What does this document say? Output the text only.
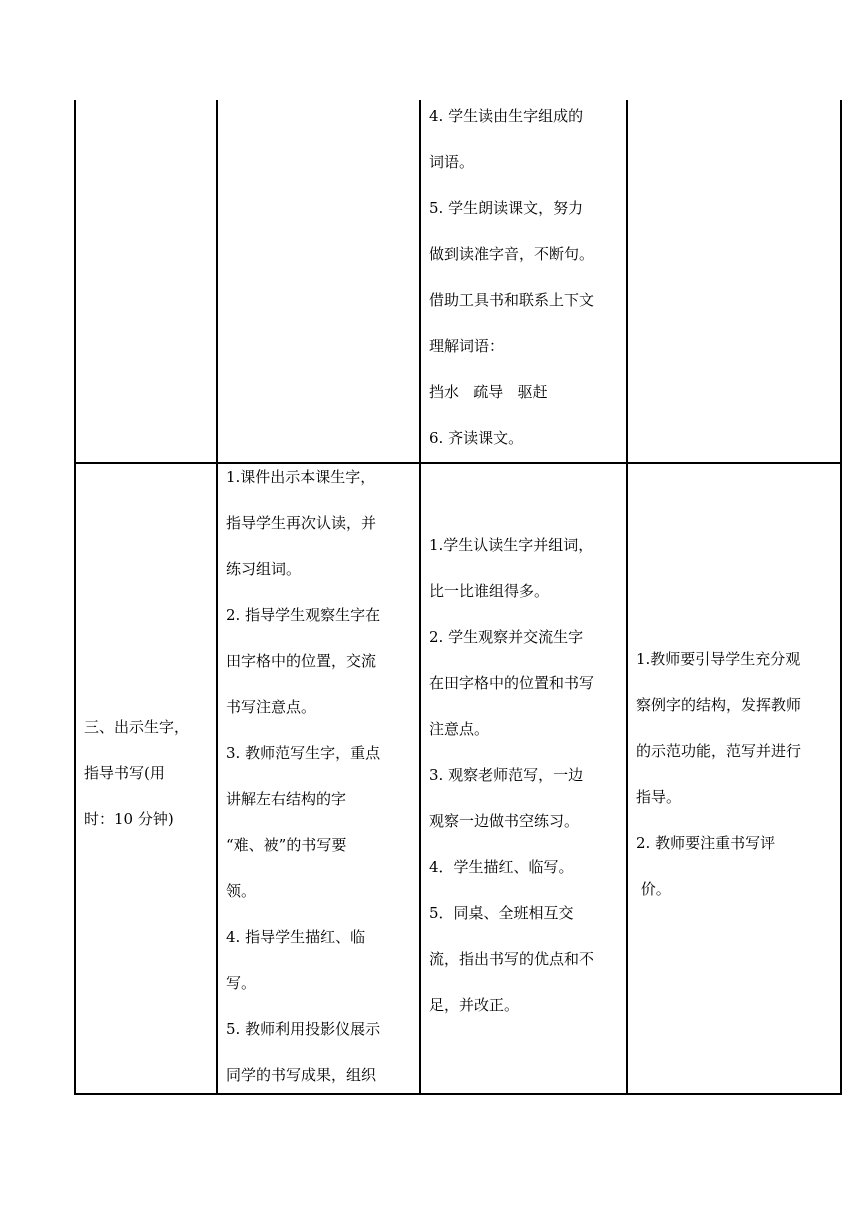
4. 学生读由生字组成的
词语。
5. 学生朗读课文，努力
做到读准字音，不断句。
借助工具书和联系上下文
理解词语：
挡水   疏导   驱赶
6. 齐读课文。
三、出示生字，
指导书写(用
时：10 分钟)
1.课件出示本课生字，
指导学生再次认读，并
练习组词。
2. 指导学生观察生字在
田字格中的位置，交流
书写注意点。
3. 教师范写生字，重点
讲解左右结构的字
“难、被”的书写要
领。
4. 指导学生描红、临
写。
5. 教师利用投影仪展示
同学的书写成果，组织
1.学生认读生字并组词，
比一比谁组得多。
2. 学生观察并交流生字
在田字格中的位置和书写
注意点。
3. 观察老师范写，一边
观察一边做书空练习。
4．学生描红、临写。
5．同桌、全班相互交
流，指出书写的优点和不
足，并改正。
1.教师要引导学生充分观
察例字的结构，发挥教师
的示范功能，范写并进行
指导。
2. 教师要注重书写评
价。
